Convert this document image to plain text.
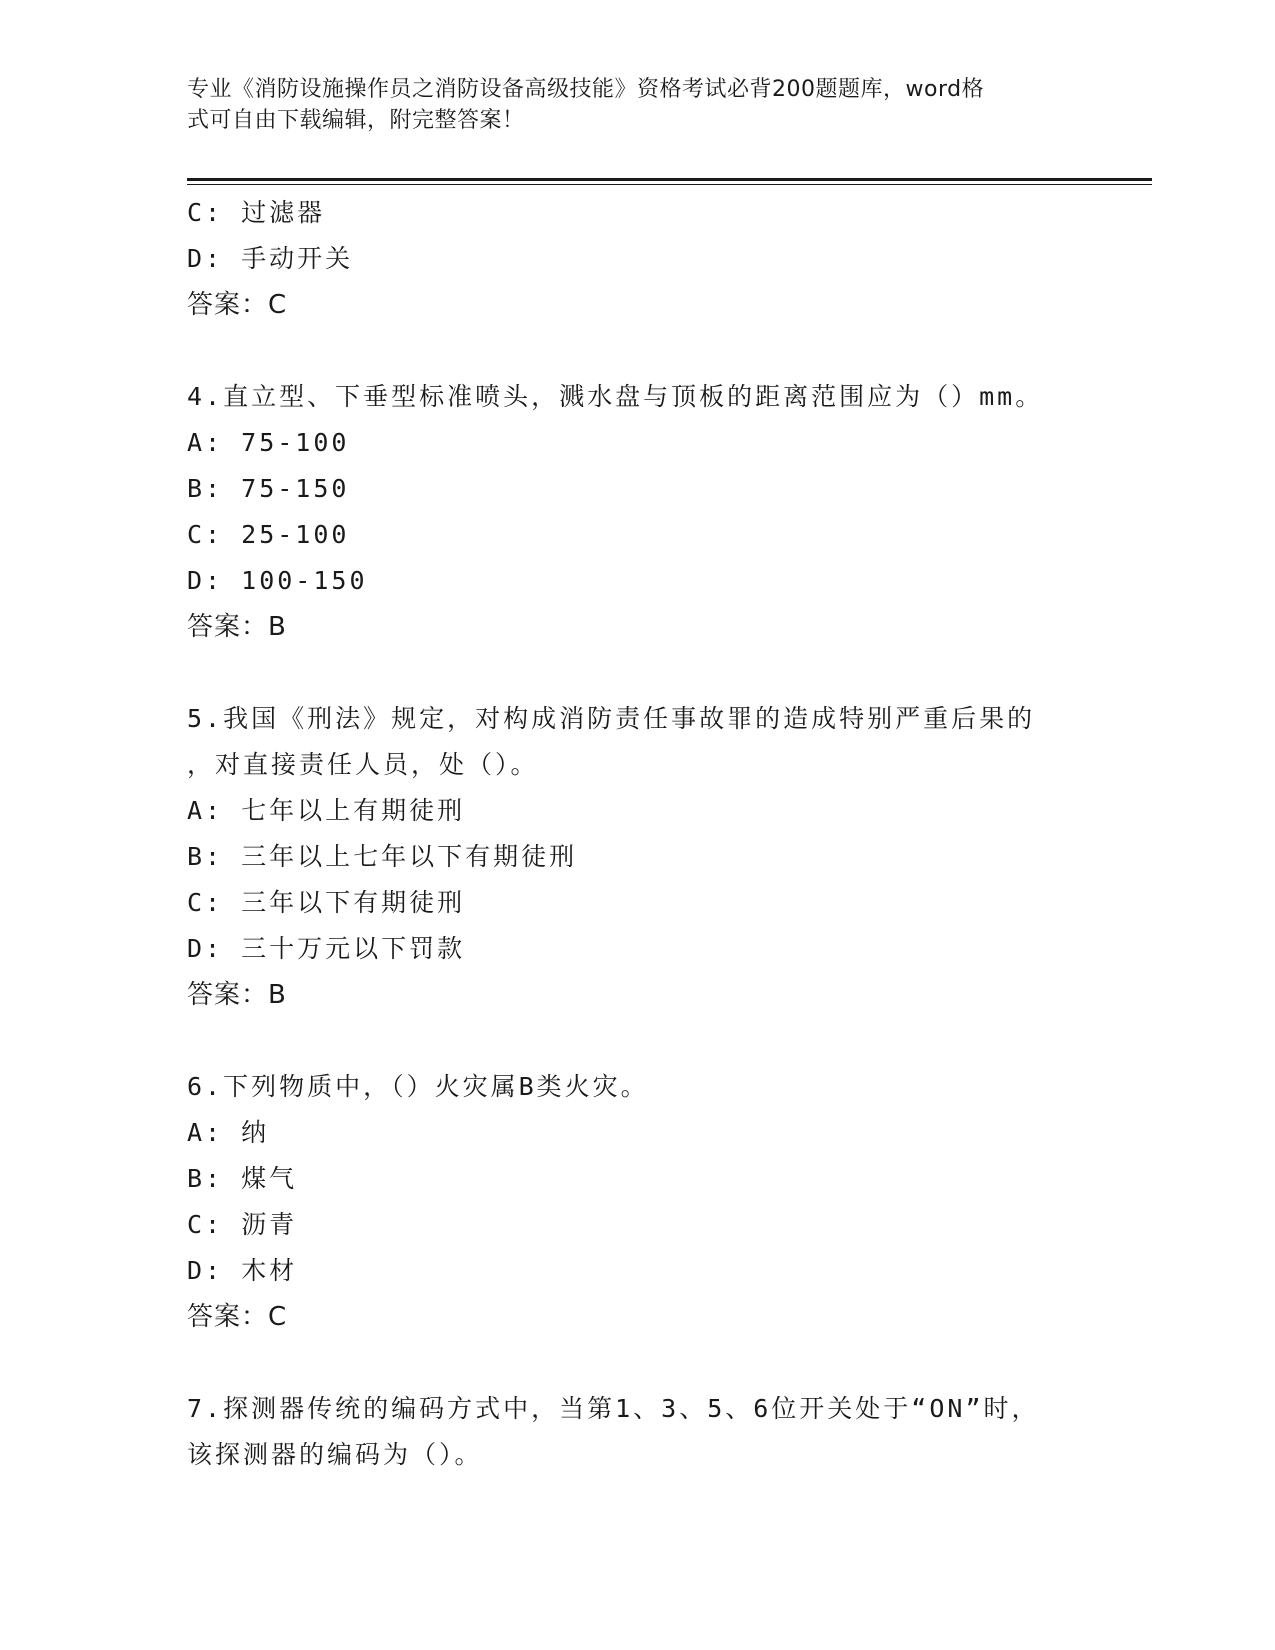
专业《消防设施操作员之消防设备高级技能》资格考试必背200题题库，word格
式可自由下载编辑，附完整答案！
C: 过滤器
D: 手动开关
答案：C
4.直立型、下垂型标准喷头，溅水盘与顶板的距离范围应为（）mm。
A: 75-100
B: 75-150
C: 25-100
D: 100-150
答案：B
5.我国《刑法》规定，对构成消防责任事故罪的造成特别严重后果的
，对直接责任人员，处（）。
A: 七年以上有期徒刑
B: 三年以上七年以下有期徒刑
C: 三年以下有期徒刑
D: 三十万元以下罚款
答案：B
6.下列物质中，（）火灾属B类火灾。
A: 纳
B: 煤气
C: 沥青
D: 木材
答案：C
7.探测器传统的编码方式中，当第1、3、5、6位开关处于“ON”时，
该探测器的编码为（）。
